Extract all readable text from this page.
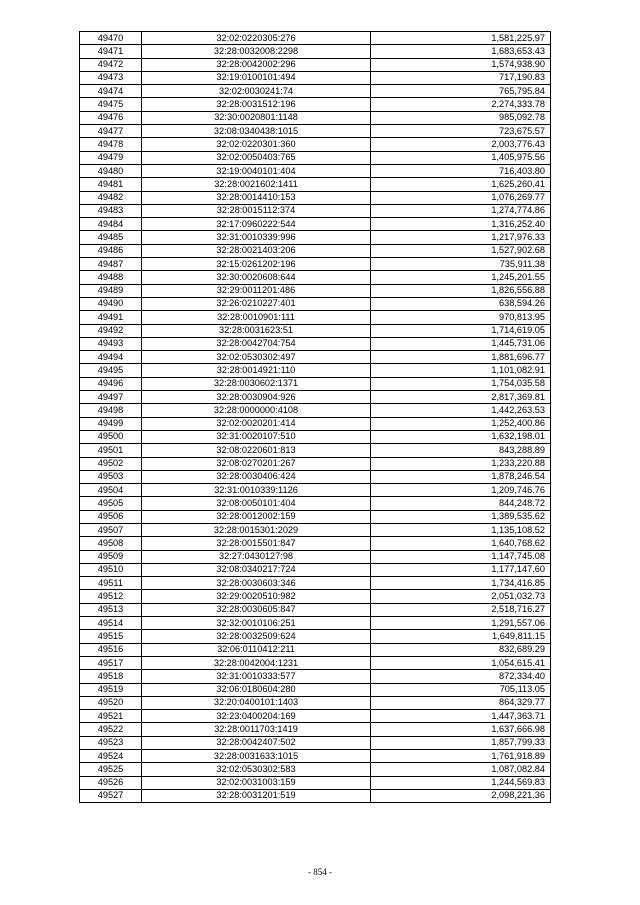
49470	32:02:0220305:276	1,581,225.97
49471	32:28:0032008:2298	1,683,653.43
49472	32:28:0042002:296	1,574,938.90
49473	32:19:0100101:494	717,190.83
49474	32:02:0030241:74	765,795.84
49475	32:28:0031512:196	2,274,333.78
49476	32:30:0020801:1148	985,092.78
49477	32:08:0340438:1015	723,675.57
49478	32:02:0220301:360	2,003,776.43
49479	32:02:0050403:765	1,405,975.56
49480	32:19:0040101:404	716,403.80
49481	32:28:0021602:1411	1,625,260.41
49482	32:28:0014410:153	1,076,269.77
49483	32:28:0015112:374	1,274,774.86
49484	32:17:0960222:544	1,316,252.40
49485	32:31:0010339:996	1,217,976.33
49486	32:28:0021403:206	1,527,902.68
49487	32:15:0261202:196	735,911.38
49488	32:30:0020608:644	1,245,201.55
49489	32:29:0011201:486	1,826,556.88
49490	32:26:0210227:401	638,594.26
49491	32:28:0010901:111	970,813.95
49492	32:28:0031623:51	1,714,619.05
49493	32:28:0042704:754	1,445,731.06
49494	32:02:0530302:497	1,881,696.77
49495	32:28:0014921:110	1,101,082.91
49496	32:28:0030602:1371	1,754,035.58
49497	32:28:0030904:926	2,817,369.81
49498	32:28:0000000:4108	1,442,263.53
49499	32:02:0020201:414	1,252,400.86
49500	32:31:0020107:510	1,632,198.01
49501	32:08:0220601:813	843,288.89
49502	32:08:0270201:267	1,233,220.88
49503	32:28:0030406:424	1,878,246.54
49504	32:31:0010339:1126	1,209,746.76
49505	32:08:0050101:404	844,248.72
49506	32:28:0012002:159	1,389,535.62
49507	32:28:0015301:2029	1,135,108.52
49508	32:28:0015501:847	1,640,768.62
49509	32:27:0430127:98	1,147,745.08
49510	32:08:0340217:724	1,177,147.60
49511	32:28:0030603:346	1,734,416.85
49512	32:29:0020510:982	2,051,032.73
49513	32:28:0030605:847	2,518,716.27
49514	32:32:0010106:251	1,291,557.06
49515	32:28:0032509:624	1,649,811.15
49516	32:06:0110412:211	832,689.29
49517	32:28:0042004:1231	1,054,615.41
49518	32:31:0010333:577	872,334.40
49519	32:06:0180604:280	705,113.05
49520	32:20:0400101:1403	864,329.77
49521	32:23:0400204:169	1,447,363.71
49522	32:28:0011703:1419	1,637,666.98
49523	32:28:0042407:502	1,857,799.33
49524	32:28:0031633:1015	1,761,918.89
49525	32:02:0530302:583	1,087,082.84
49526	32:02:0031003:159	1,244,569.83
49527	32:28:0031201:519	2,098,221.36
- 854 -
